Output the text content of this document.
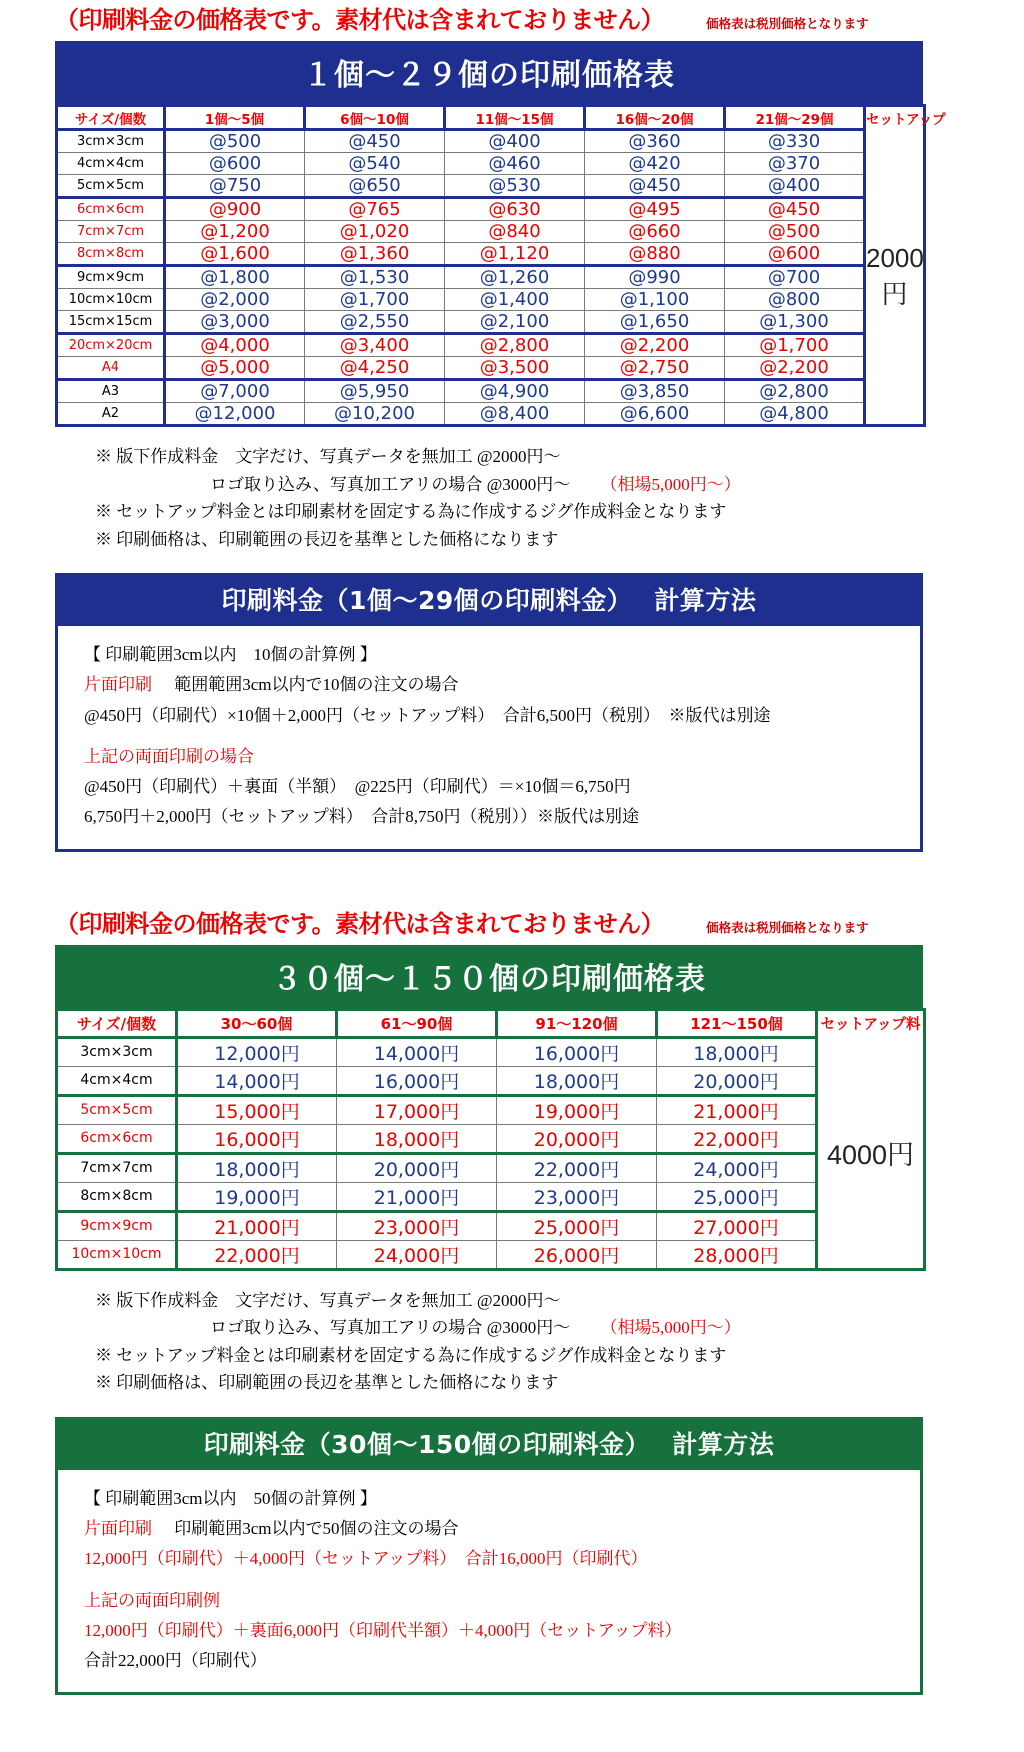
（印刷料金の価格表です。素材代は含まれておりません）	価格表は税別価格となります
１個～２９個の印刷価格表
サイズ/個数	1個～5個	6個～10個	11個～15個	16個～20個	21個～29個	セットアップ
3cm×3cm	@500	@450	@400	@360	@330	2000円
4cm×4cm	@600	@540	@460	@420	@370	
5cm×5cm	@750	@650	@530	@450	@400	
6cm×6cm	@900	@765	@630	@495	@450	
7cm×7cm	@1,200	@1,020	@840	@660	@500	
8cm×8cm	@1,600	@1,360	@1,120	@880	@600	
9cm×9cm	@1,800	@1,530	@1,260	@990	@700	
10cm×10cm	@2,000	@1,700	@1,400	@1,100	@800	
15cm×15cm	@3,000	@2,550	@2,100	@1,650	@1,300	
20cm×20cm	@4,000	@3,400	@2,800	@2,200	@1,700	
A4	@5,000	@4,250	@3,500	@2,750	@2,200	
A3	@7,000	@5,950	@4,900	@3,850	@2,800	
A2	@12,000	@10,200	@8,400	@6,600	@4,800	
※ 版下作成料金　文字だけ、写真データを無加工 @2000円～
ロゴ取り込み、写真加工アリの場合 @3000円～ （相場5,000円～）
※ セットアップ料金とは印刷素材を固定する為に作成するジグ作成料金となります
※ 印刷価格は、印刷範囲の長辺を基準とした価格になります
印刷料金（1個～29個の印刷料金）　 計算方法
【 印刷範囲3cm以内　10個の計算例 】
片面印刷 範囲範囲3cm以内で10個の注文の場合
@450円（印刷代）×10個＋2,000円（セットアップ料）　合計6,500円（税別）　※版代は別途
上記の両面印刷の場合
@450円（印刷代）＋裏面（半額）　@225円（印刷代）＝×10個＝6,750円
6,750円＋2,000円（セットアップ料）　合計8,750円（税別））※版代は別途
（印刷料金の価格表です。素材代は含まれておりません）	価格表は税別価格となります
３０個～１５０個の印刷価格表
サイズ/個数	30～60個	61～90個	91～120個	121～150個	セットアップ料
3cm×3cm	12,000円	14,000円	16,000円	18,000円	4000円
4cm×4cm	14,000円	16,000円	18,000円	20,000円	
5cm×5cm	15,000円	17,000円	19,000円	21,000円	
6cm×6cm	16,000円	18,000円	20,000円	22,000円	
7cm×7cm	18,000円	20,000円	22,000円	24,000円	
8cm×8cm	19,000円	21,000円	23,000円	25,000円	
9cm×9cm	21,000円	23,000円	25,000円	27,000円	
10cm×10cm	22,000円	24,000円	26,000円	28,000円	
※ 版下作成料金　文字だけ、写真データを無加工 @2000円～
ロゴ取り込み、写真加工アリの場合 @3000円～ （相場5,000円～）
※ セットアップ料金とは印刷素材を固定する為に作成するジグ作成料金となります
※ 印刷価格は、印刷範囲の長辺を基準とした価格になります
印刷料金（30個～150個の印刷料金）　 計算方法
【 印刷範囲3cm以内　50個の計算例 】
片面印刷 印刷範囲3cm以内で50個の注文の場合
12,000円（印刷代）＋4,000円（セットアップ料）　合計16,000円（印刷代）
上記の両面印刷例
12,000円（印刷代）＋裏面6,000円（印刷代半額）＋4,000円（セットアップ料）
合計22,000円（印刷代）
